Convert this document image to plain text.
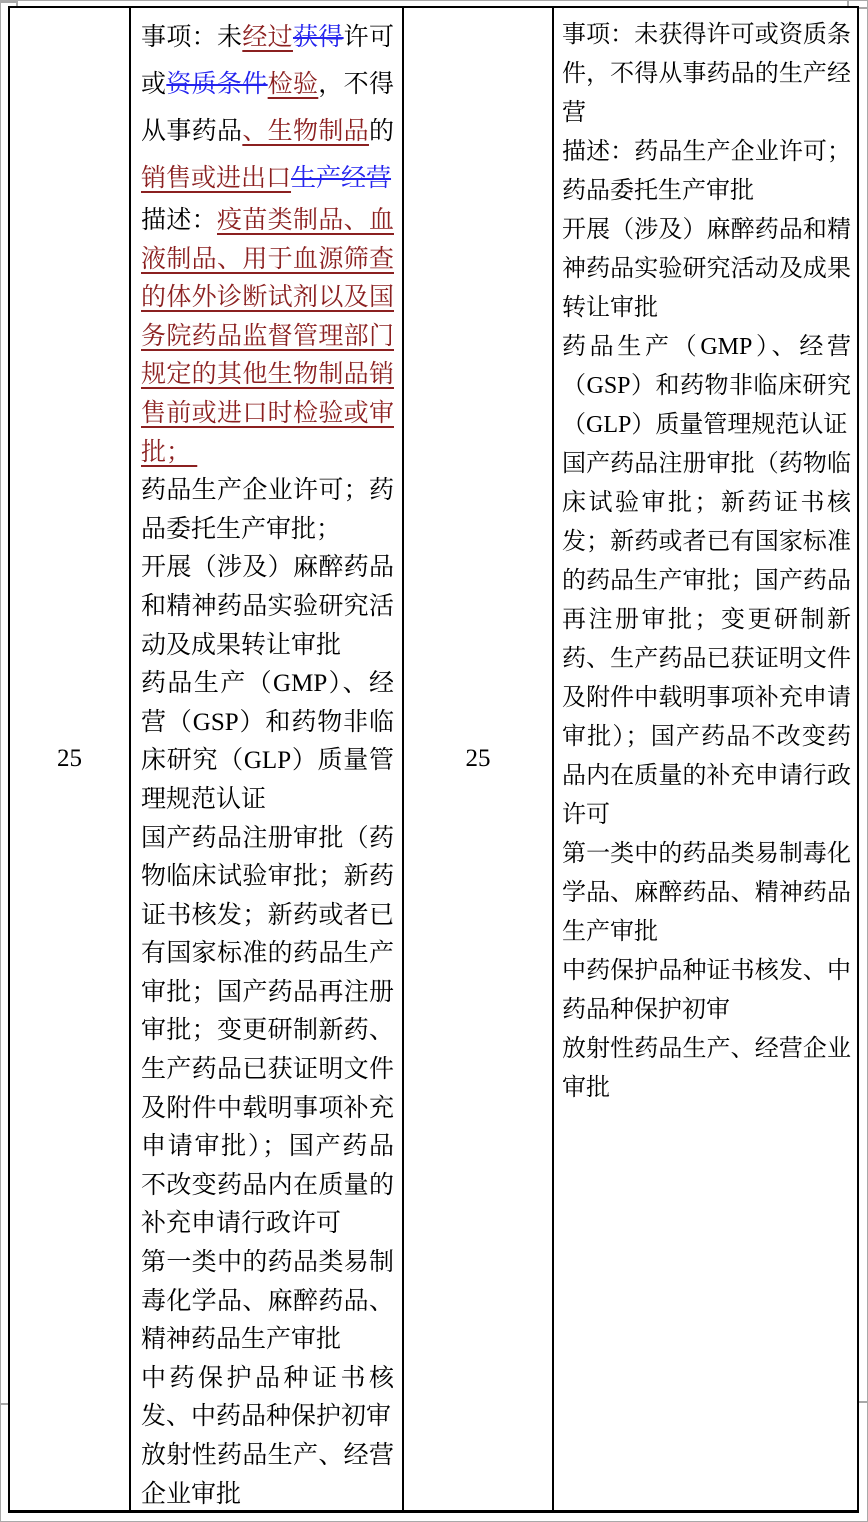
25

事项：未经过获得许可或资质条件检验，不得从事药品、生物制品的销售或进出口生产经营

描述：疫苗类制品、血液制品、用于血源筛查的体外诊断试剂以及国务院药品监督管理部门规定的其他生物制品销售前或进口时检验或审批；

药品生产企业许可；药品委托生产审批；

开展（涉及）麻醉药品和精神药品实验研究活动及成果转让审批

药品生产（GMP）、经营（GSP）和药物非临床研究（GLP）质量管理规范认证

国产药品注册审批（药物临床试验审批；新药证书核发；新药或者已有国家标准的药品生产审批；国产药品再注册审批；变更研制新药、生产药品已获证明文件及附件中载明事项补充申请审批）；国产药品不改变药品内在质量的补充申请行政许可

第一类中的药品类易制毒化学品、麻醉药品、精神药品生产审批

中药保护品种证书核发、中药品种保护初审

放射性药品生产、经营企业审批

25

事项：未获得许可或资质条件，不得从事药品的生产经营

描述：药品生产企业许可；药品委托生产审批

开展（涉及）麻醉药品和精神药品实验研究活动及成果转让审批

药品生产（GMP）、经营（GSP）和药物非临床研究（GLP）质量管理规范认证

国产药品注册审批（药物临床试验审批；新药证书核发；新药或者已有国家标准的药品生产审批；国产药品再注册审批；变更研制新药、生产药品已获证明文件及附件中载明事项补充申请审批）；国产药品不改变药品内在质量的补充申请行政许可

第一类中的药品类易制毒化学品、麻醉药品、精神药品生产审批

中药保护品种证书核发、中药品种保护初审

放射性药品生产、经营企业审批
